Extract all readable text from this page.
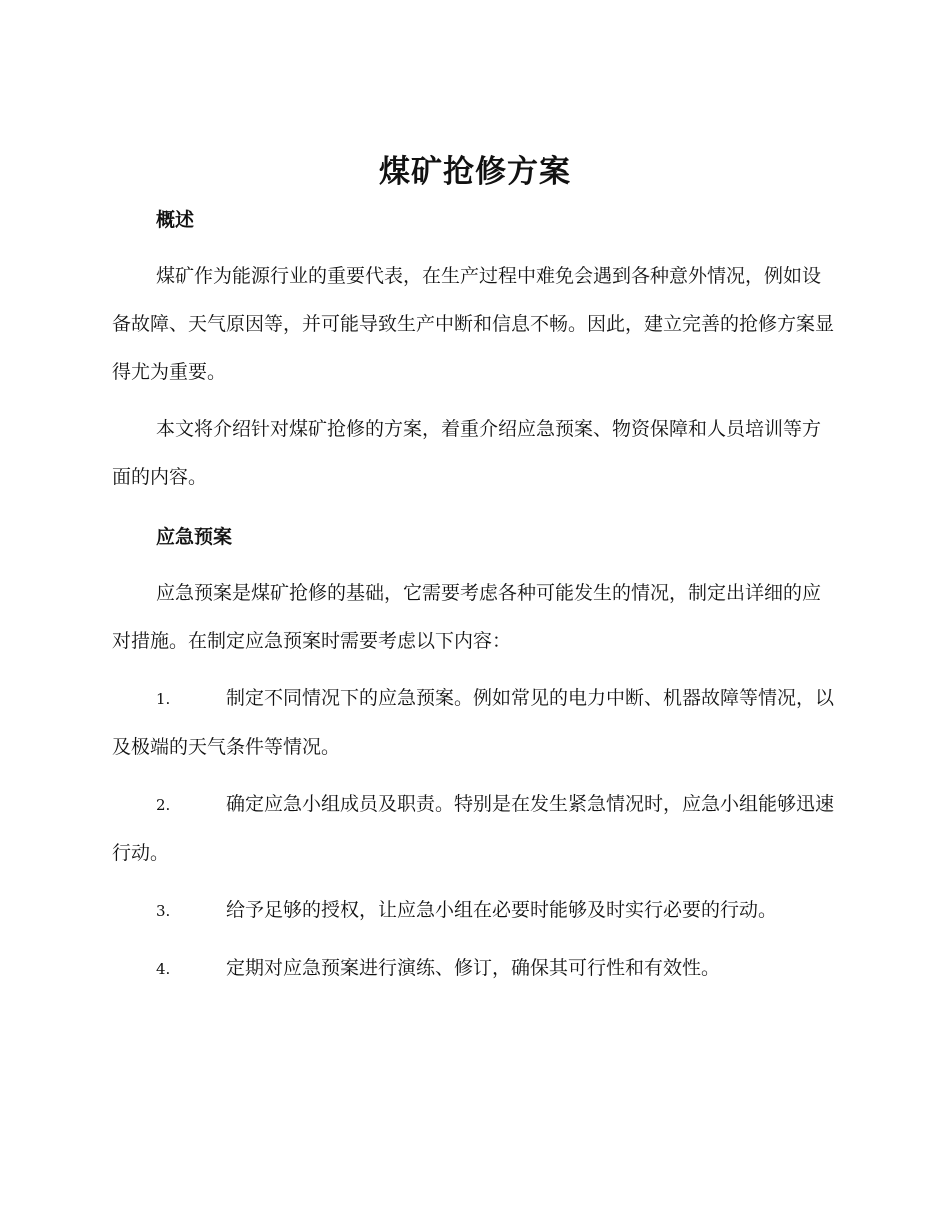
煤矿抢修方案
概述

煤矿作为能源行业的重要代表，在生产过程中难免会遇到各种意外情况，例如设备故障、天气原因等，并可能导致生产中断和信息不畅。因此，建立完善的抢修方案显得尤为重要。

本文将介绍针对煤矿抢修的方案，着重介绍应急预案、物资保障和人员培训等方面的内容。

应急预案

应急预案是煤矿抢修的基础，它需要考虑各种可能发生的情况，制定出详细的应对措施。在制定应急预案时需要考虑以下内容：

1.	制定不同情况下的应急预案。例如常见的电力中断、机器故障等情况，以及极端的天气条件等情况。

2.	确定应急小组成员及职责。特别是在发生紧急情况时，应急小组能够迅速行动。

3.	给予足够的授权，让应急小组在必要时能够及时实行必要的行动。

4.	定期对应急预案进行演练、修订，确保其可行性和有效性。
